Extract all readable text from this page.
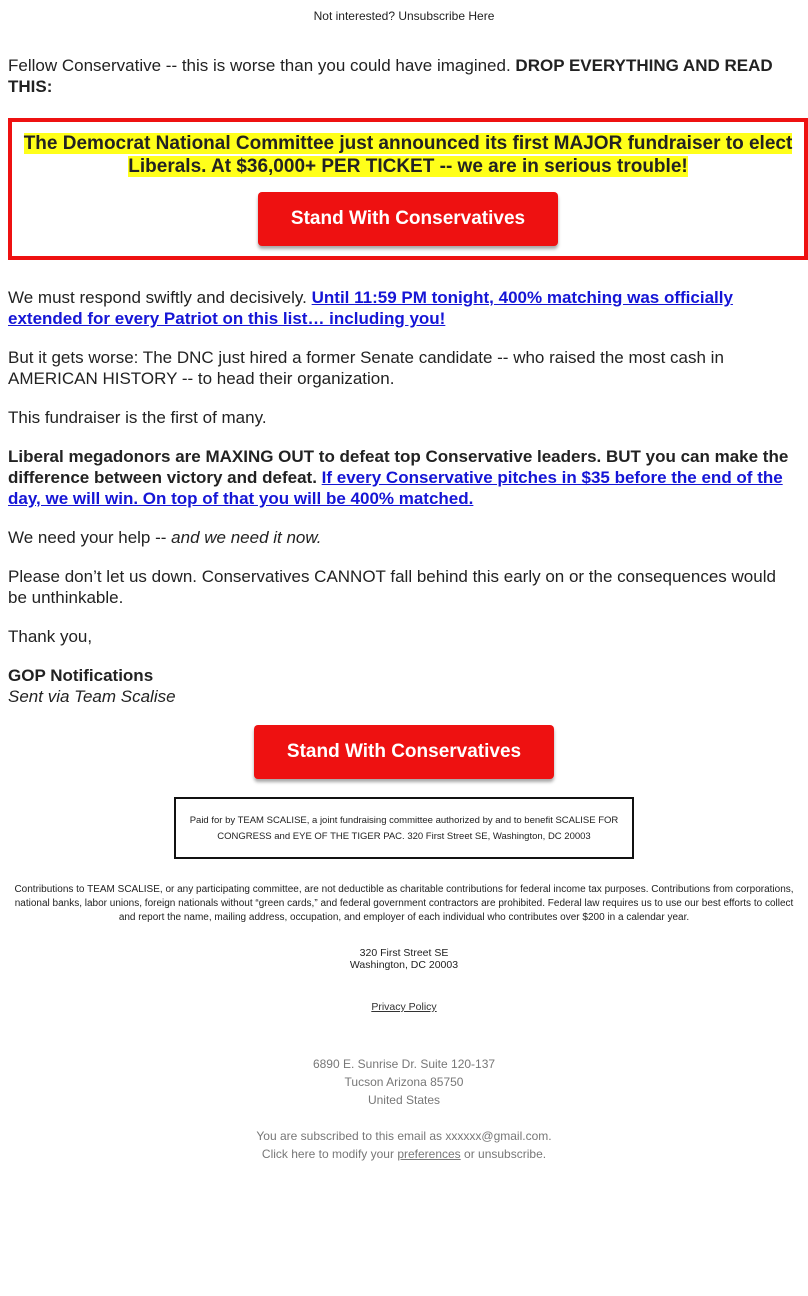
Not interested? Unsubscribe Here

Fellow Conservative -- this is worse than you could have imagined. DROP EVERYTHING AND READ THIS:

The Democrat National Committee just announced its first MAJOR fundraiser to elect Liberals. At $36,000+ PER TICKET -- we are in serious trouble!
Stand With Conservatives

We must respond swiftly and decisively. Until 11:59 PM tonight, 400% matching was officially extended for every Patriot on this list… including you!

But it gets worse: The DNC just hired a former Senate candidate -- who raised the most cash in AMERICAN HISTORY -- to head their organization.

This fundraiser is the first of many.

Liberal megadonors are MAXING OUT to defeat top Conservative leaders. BUT you can make the difference between victory and defeat. If every Conservative pitches in $35 before the end of the day, we will win. On top of that you will be 400% matched.

We need your help -- and we need it now.

Please don’t let us down. Conservatives CANNOT fall behind this early on or the consequences would be unthinkable.

Thank you,

GOP Notifications
Sent via Team Scalise

Stand With Conservatives
Paid for by TEAM SCALISE, a joint fundraising committee authorized by and to benefit SCALISE FOR CONGRESS and EYE OF THE TIGER PAC. 320 First Street SE, Washington, DC 20003
Contributions to TEAM SCALISE, or any participating committee, are not deductible as charitable contributions for federal income tax purposes. Contributions from corporations, national banks, labor unions, foreign nationals without “green cards,” and federal government contractors are prohibited. Federal law requires us to use our best efforts to collect and report the name, mailing address, occupation, and employer of each individual who contributes over $200 in a calendar year.
320 First Street SE
Washington, DC 20003
Privacy Policy
6890 E. Sunrise Dr. Suite 120-137
Tucson Arizona 85750
United States
You are subscribed to this email as xxxxxx@gmail.com.
Click here to modify your preferences or unsubscribe.
